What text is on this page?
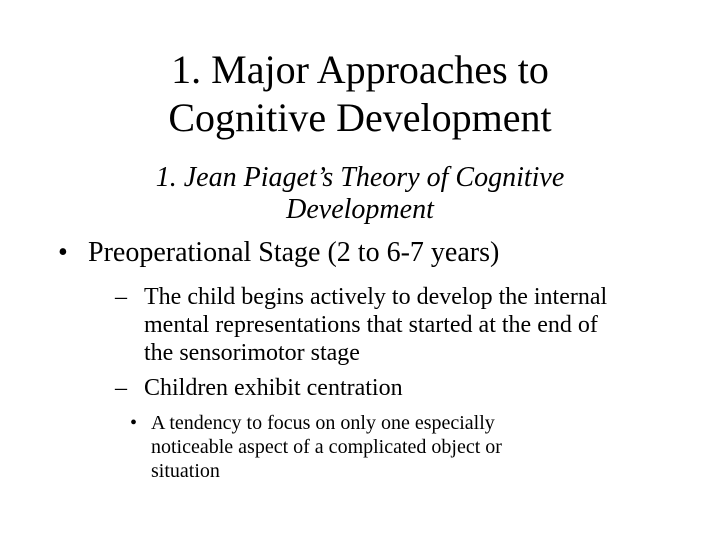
1. Major Approaches to
Cognitive Development
1. Jean Piaget’s Theory of Cognitive
Development
• Preoperational Stage (2 to 6-7 years)
– The child begins actively to develop the internal
mental representations that started at the end of
the sensorimotor stage
– Children exhibit centration
• A tendency to focus on only one especially
noticeable aspect of a complicated object or
situation
